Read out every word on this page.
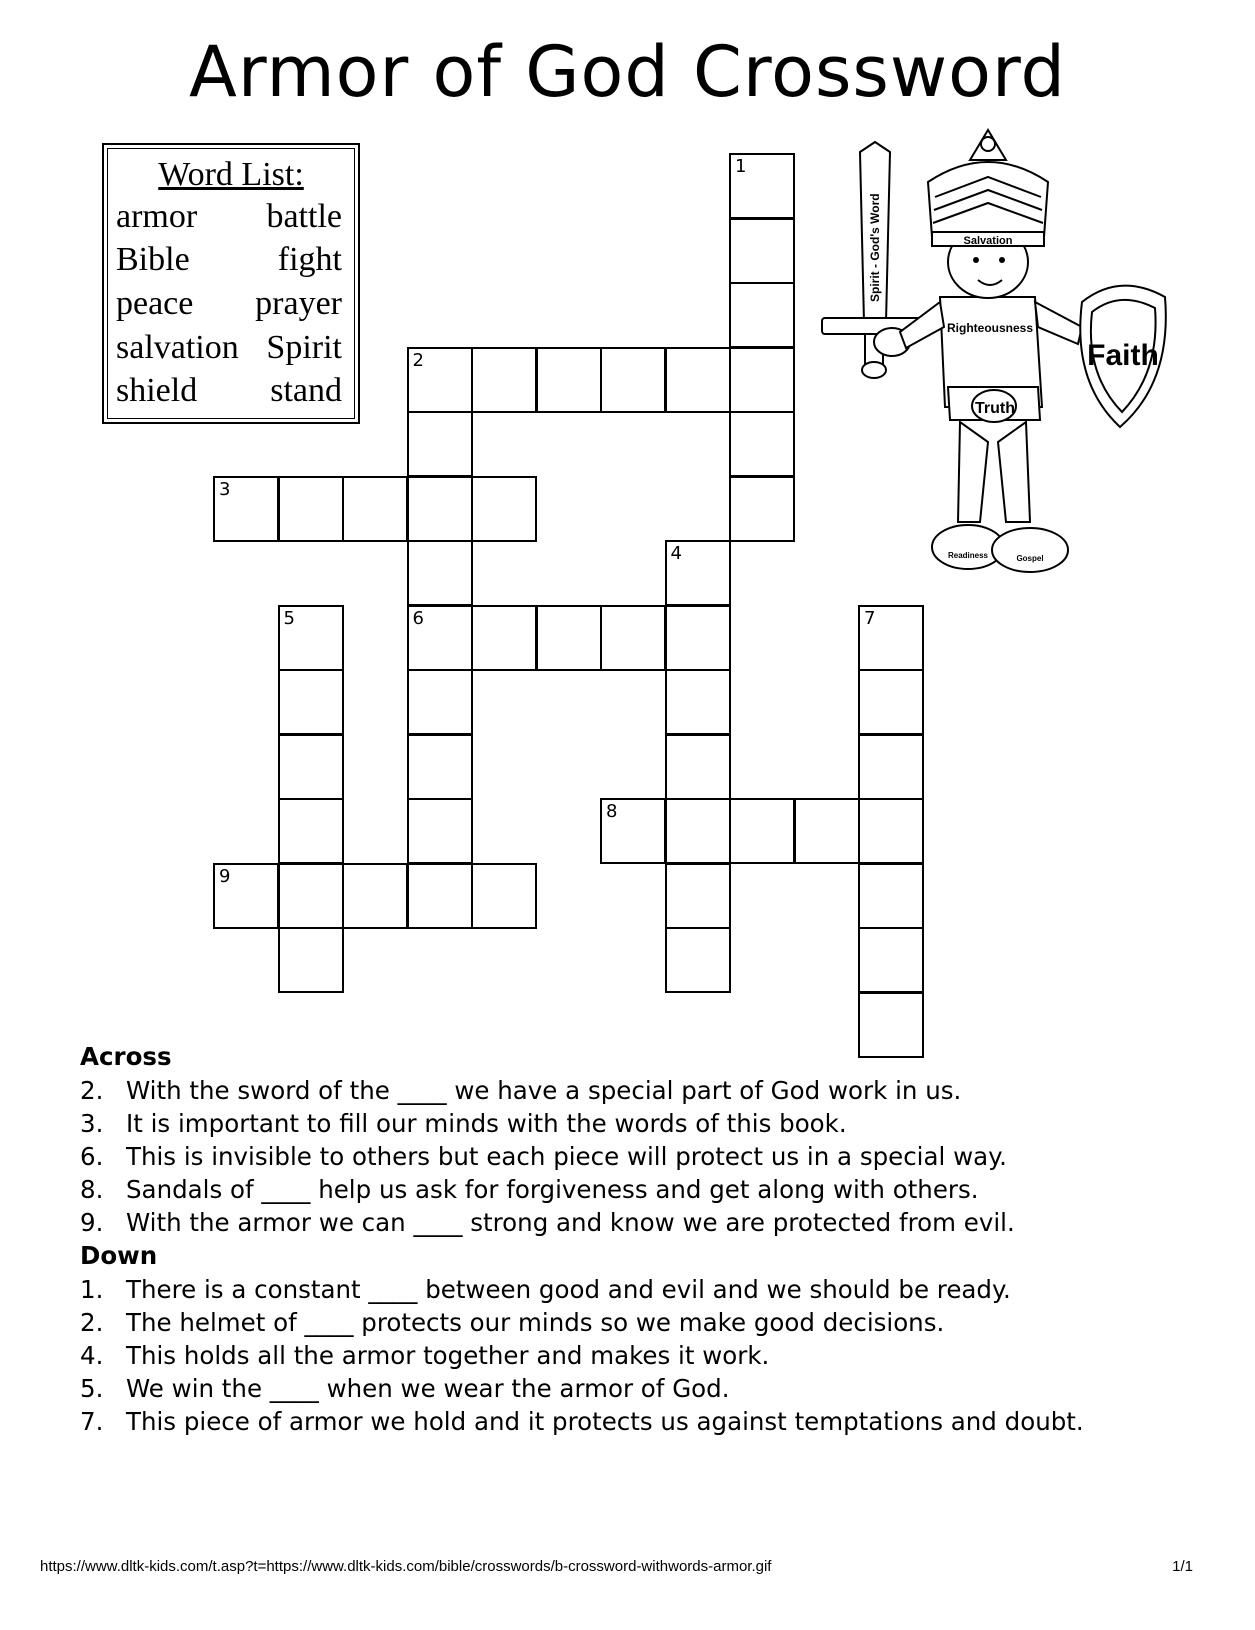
Armor of God Crossword
Word List:
armor battle
Bible	fight
peace prayer
salvation Spirit
shield stand
1
2
6
3
4
5	7
8
9
Spirit - God's Word	Salvation
Righteousness
Truth
Faith
Readiness	Gospel
Across
2. With the sword of the ____ we have a special part of God work in us.
3. It is important to fill our minds with the words of this book.
6. This is invisible to others but each piece will protect us in a special way.
8. Sandals of ____ help us ask for forgiveness and get along with others.
9. With the armor we can ____ strong and know we are protected from evil.
Down
1. There is a constant ____ between good and evil and we should be ready.
2. The helmet of ____ protects our minds so we make good decisions.
4. This holds all the armor together and makes it work.
5. We win the ____ when we wear the armor of God.
7. This piece of armor we hold and it protects us against temptations and doubt.
https://www.dltk-kids.com/t.asp?t=https://www.dltk-kids.com/bible/crosswords/b-crossword-withwords-armor.gif	1/1
